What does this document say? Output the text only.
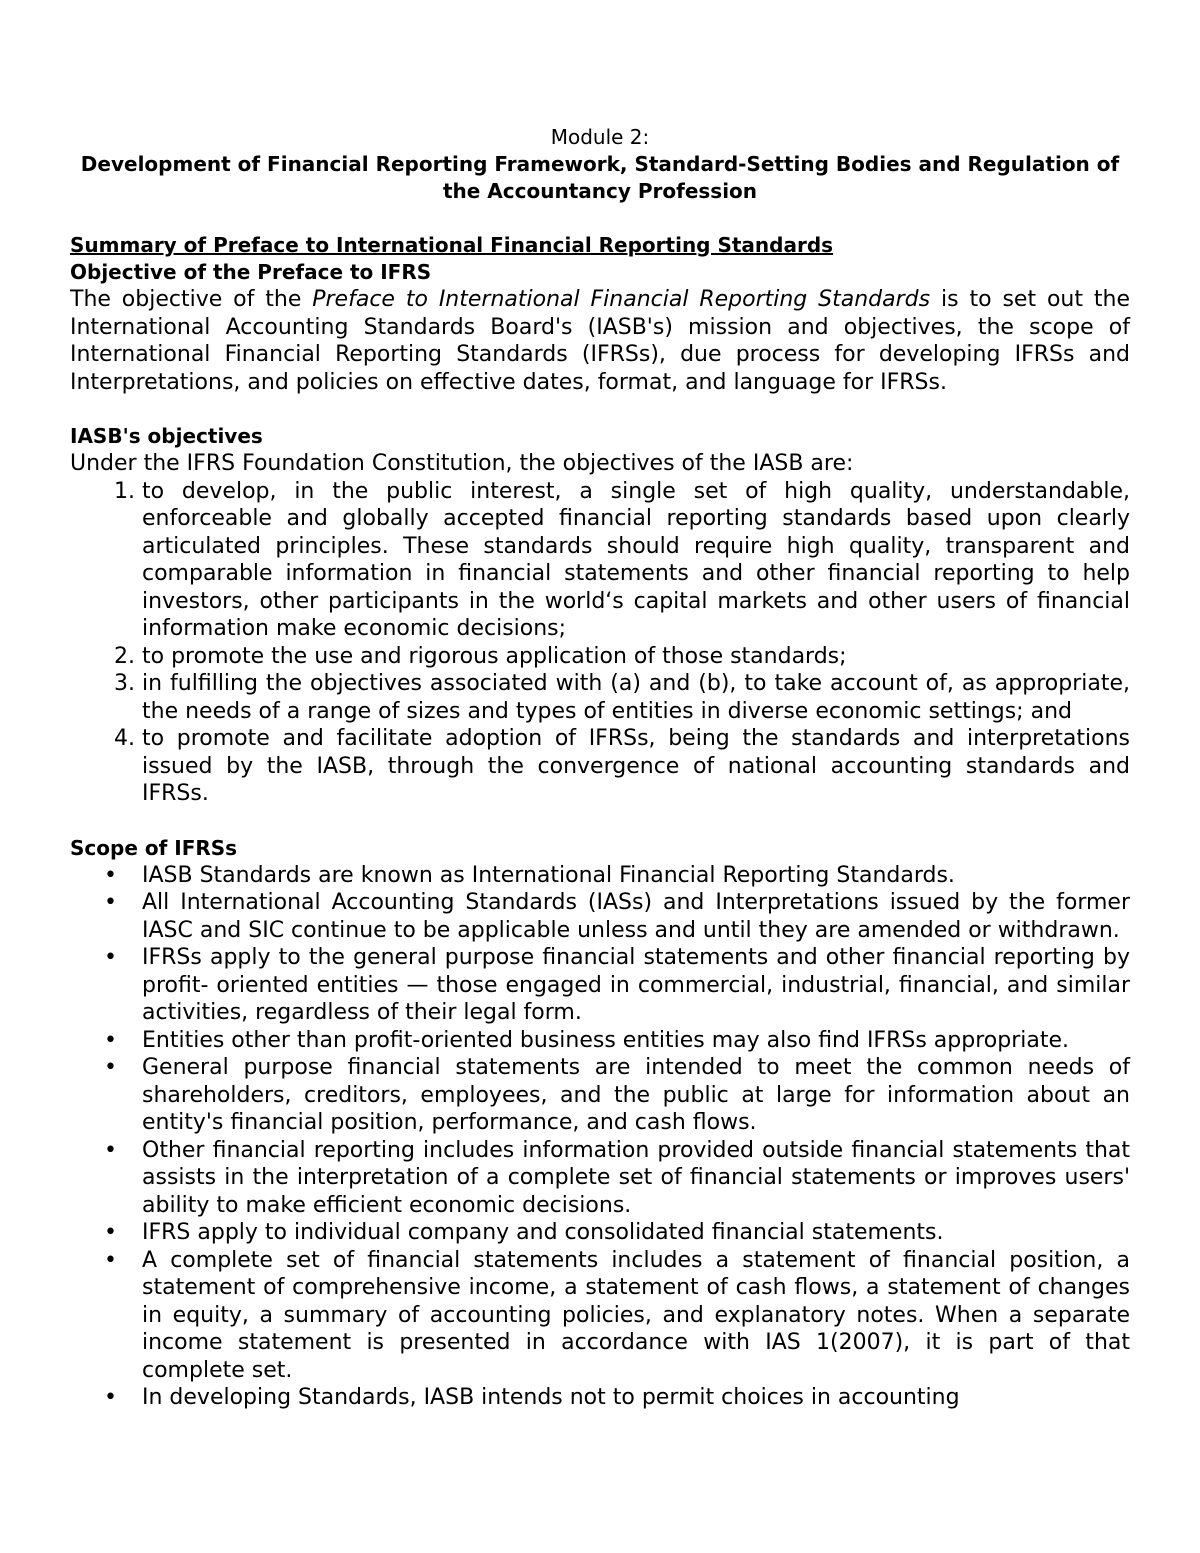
Module 2:
Development of Financial Reporting Framework, Standard-Setting Bodies and Regulation of the Accountancy Profession
Summary of Preface to International Financial Reporting Standards
Objective of the Preface to IFRS
The objective of the Preface to International Financial Reporting Standards is to set out the International Accounting Standards Board's (IASB's) mission and objectives, the scope of International Financial Reporting Standards (IFRSs), due process for developing IFRSs and Interpretations, and policies on effective dates, format, and language for IFRSs.
IASB's objectives
Under the IFRS Foundation Constitution, the objectives of the IASB are:
1. to develop, in the public interest, a single set of high quality, understandable, enforceable and globally accepted financial reporting standards based upon clearly articulated principles. These standards should require high quality, transparent and comparable information in financial statements and other financial reporting to help investors, other participants in the world‘s capital markets and other users of financial information make economic decisions;
2. to promote the use and rigorous application of those standards;
3. in fulfilling the objectives associated with (a) and (b), to take account of, as appropriate, the needs of a range of sizes and types of entities in diverse economic settings; and
4. to promote and facilitate adoption of IFRSs, being the standards and interpretations issued by the IASB, through the convergence of national accounting standards and IFRSs.
Scope of IFRSs
• IASB Standards are known as International Financial Reporting Standards.
• All International Accounting Standards (IASs) and Interpretations issued by the former IASC and SIC continue to be applicable unless and until they are amended or withdrawn.
• IFRSs apply to the general purpose financial statements and other financial reporting by profit- oriented entities — those engaged in commercial, industrial, financial, and similar activities, regardless of their legal form.
• Entities other than profit-oriented business entities may also find IFRSs appropriate.
• General purpose financial statements are intended to meet the common needs of shareholders, creditors, employees, and the public at large for information about an entity's financial position, performance, and cash flows.
• Other financial reporting includes information provided outside financial statements that assists in the interpretation of a complete set of financial statements or improves users' ability to make efficient economic decisions.
• IFRS apply to individual company and consolidated financial statements.
• A complete set of financial statements includes a statement of financial position, a statement of comprehensive income, a statement of cash flows, a statement of changes in equity, a summary of accounting policies, and explanatory notes. When a separate income statement is presented in accordance with IAS 1(2007), it is part of that complete set.
• In developing Standards, IASB intends not to permit choices in accounting
